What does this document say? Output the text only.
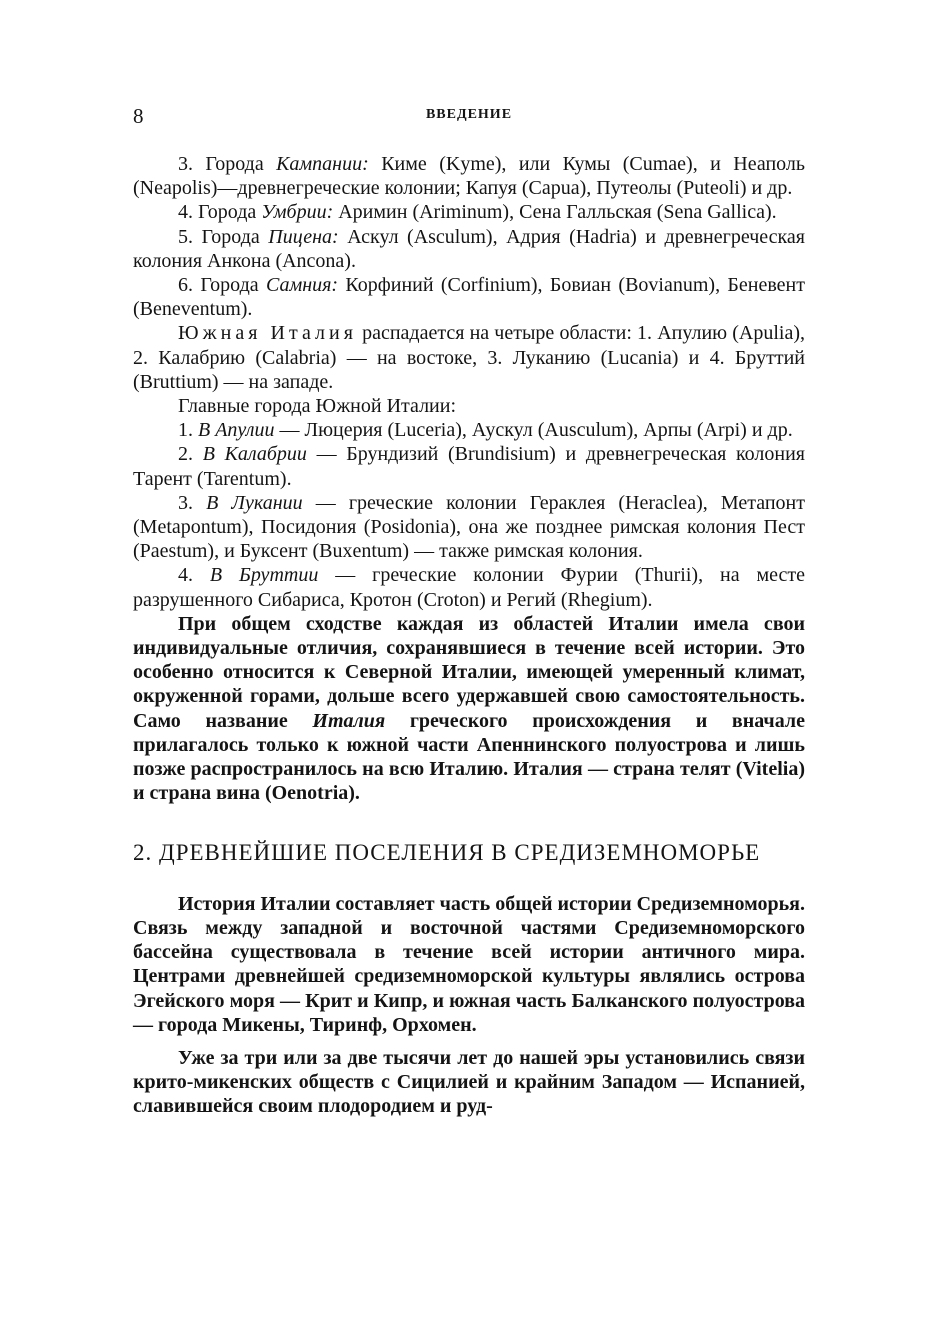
8	ВВЕДЕНИЕ

3. Города Кампании: Киме (Kyme), или Кумы (Cumae), и Неаполь (Neapolis)—древнегреческие колонии; Капуя (Capua), Путеолы (Puteoli) и др.

4. Города Умбрии: Аримин (Ariminum), Сена Галльская (Sena Gallica).

5. Города Пицена: Аскул (Asculum), Адрия (Hadria) и древнегреческая колония Анкона (Ancona).

6. Города Самния: Корфиний (Corfinium), Бовиан (Bovianum), Беневент (Beneventum).

Южная Италия распадается на четыре области: 1. Апулию (Apulia), 2. Калабрию (Calabria) — на востоке, 3. Луканию (Lucania) и 4. Бруттий (Bruttium) — на западе.

Главные города Южной Италии:

1. В Апулии — Люцерия (Luceria), Аускул (Ausculum), Арпы (Arpi) и др.

2. В Калабрии — Брундизий (Brundisium) и древнегреческая колония Тарент (Tarentum).

3. В Лукании — греческие колонии Гераклея (Heraclea), Метапонт (Metapontum), Посидония (Posidonia), она же позднее римская колония Пест (Paestum), и Буксент (Buxentum) — также римская колония.

4. В Бруттии — греческие колонии Фурии (Thurii), на месте разрушенного Сибариса, Кротон (Croton) и Регий (Rhegium).

При общем сходстве каждая из областей Италии имела свои индивидуальные отличия, сохранявшиеся в течение всей истории. Это особенно относится к Северной Италии, имеющей умеренный климат, окруженной горами, дольше всего удержавшей свою самостоятельность. Само название Италия греческого происхождения и вначале прилагалось только к южной части Апеннинского полуострова и лишь позже распространилось на всю Италию. Италия — страна телят (Vitelia) и страна вина (Oenotria).

2. ДРЕВНЕЙШИЕ ПОСЕЛЕНИЯ В СРЕДИЗЕМНОМОРЬЕ

История Италии составляет часть общей истории Средиземноморья. Связь между западной и восточной частями Средиземноморского бассейна существовала в течение всей истории античного мира. Центрами древнейшей средиземноморской культуры являлись острова Эгейского моря — Крит и Кипр, и южная часть Балканского полуострова — города Микены, Тиринф, Орхомен.

Уже за три или за две тысячи лет до нашей эры установились связи крито-микенских обществ с Сицилией и крайним Западом — Испанией, славившейся своим плодородием и руд-
